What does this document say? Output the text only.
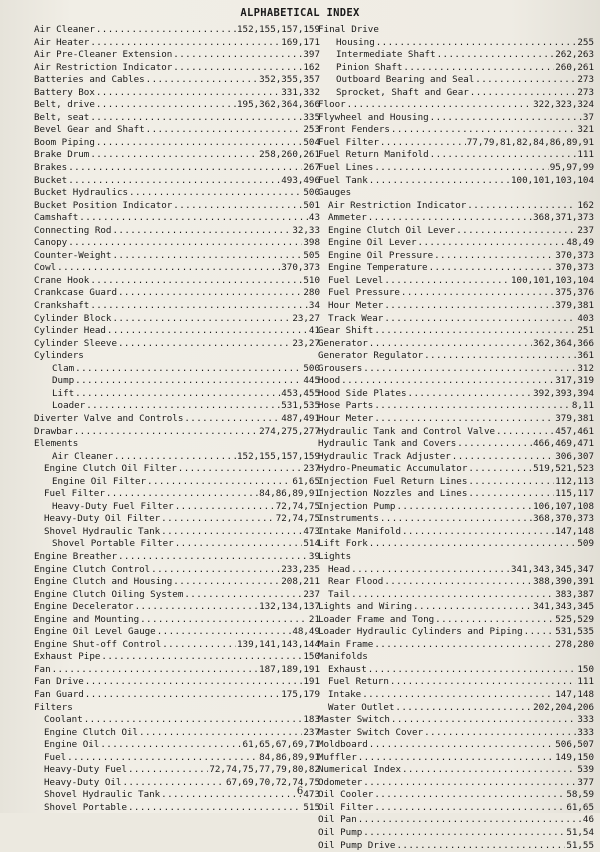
ALPHABETICAL INDEX
Air Cleaner .....	152,155,157,159
Air Heater .....	169,171
Air Pre-Cleaner Extension .....	397
Air Restriction Indicator .....	162
Batteries and Cables .....	352,355,357
Battery Box .....	331,332
Belt, drive .....	195,362,364,366
Belt, seat .....	335
Bevel Gear and Shaft .....	253
Boom Piping .....	504
Brake Drum .....	258,260,261
Brakes .....	267
Bucket .....	493,496
Bucket Hydraulics .....	500
Bucket Position Indicator .....	501
Camshaft .....	43
Connecting Rod .....	32,33
Canopy .....	398
Counter-Weight .....	505
Cowl .....	370,373
Crane Hook .....	510
Crankcase Guard .....	280
Crankshaft .....	34
Cylinder Block .....	23,27
Cylinder Head .....	41
Cylinder Sleeve .....	23,27
Cylinders
Clam .....	500
Dump .....	445
Lift .....	453,455
Loader .....	531,535
Diverter Valve and Controls .....	487,491
Drawbar .....	274,275,277
Elements
Air Cleaner .....	152,155,157,159
Engine Clutch Oil Filter .....	237
Engine Oil Filter .....	61,65
Fuel Filter .....	84,86,89,91
Heavy-Duty Fuel Filter .....	72,74,75
Heavy-Duty Oil Filter .....	72,74,75
Shovel Hydraulic Tank .....	473
Shovel Portable Filter .....	514
Engine Breather .....	39
Engine Clutch Control .....	233,235
Engine Clutch and Housing .....	208,211
Engine Clutch Oiling System .....	237
Engine Decelerator .....	132,134,137
Engine and Mounting .....	21
Engine Oil Level Gauge .....	48,49
Engine Shut-off Control .....	139,141,143,144
Exhaust Pipe .....	150
Fan .....	187,189,191
Fan Drive .....	191
Fan Guard .....	175,179
Filters
Coolant .....	183
Engine Clutch Oil .....	237
Engine Oil .....	61,65,67,69,71
Fuel .....	84,86,89,91
Heavy-Duty Fuel .....	72,74,75,77,79,80,82
Heavy-Duty Oil .....	67,69,70,72,74,75
Shovel Hydraulic Tank .....	473
Shovel Portable .....	515
Final Drive
Housing .....	255
Intermediate Shaft .....	262,263
Pinion Shaft .....	260,261
Outboard Bearing and Seal .....	273
Sprocket, Shaft and Gear .....	273
Floor .....	322,323,324
Flywheel and Housing .....	37
Front Fenders .....	321
Fuel Filter .....	77,79,81,82,84,86,89,91
Fuel Return Manifold .....	111
Fuel Lines .....	95,97,99
Fuel Tank .....	100,101,103,104
Gauges
Air Restriction Indicator .....	162
Ammeter .....	368,371,373
Engine Clutch Oil Lever .....	237
Engine Oil Lever .....	48,49
Engine Oil Pressure .....	370,373
Engine Temperature .....	370,373
Fuel Level .....	100,101,103,104
Fuel Pressure .....	375,376
Hour Meter .....	379,381
Track Wear .....	403
Gear Shift .....	251
Generator .....	362,364,366
Generator Regulator .....	361
Grousers .....	312
Hood .....	317,319
Hood Side Plates .....	392,393,394
Hose Parts .....	8,11
Hour Meter .....	379,381
Hydraulic Tank and Control Valve .....	457,461
Hydraulic Tank and Covers .....	466,469,471
Hydraulic Track Adjuster .....	306,307
Hydro-Pneumatic Accumulator .....	519,521,523
Injection Fuel Return Lines .....	112,113
Injection Nozzles and Lines .....	115,117
Injection Pump .....	106,107,108
Instruments .....	368,370,373
Intake Manifold .....	147,148
Lift Fork .....	509
Lights
Head .....	341,343,345,347
Rear Flood .....	388,390,391
Tail .....	383,387
Lights and Wiring .....	341,343,345
Loader Frame and Tong .....	525,529
Loader Hydraulic Cylinders and Piping .....	531,535
Main Frame .....	278,280
Manifolds
Exhaust .....	150
Fuel Return .....	111
Intake .....	147,148
Water Outlet .....	202,204,206
Master Switch .....	333
Master Switch Cover .....	333
Moldboard .....	506,507
Muffler .....	149,150
Numerical Index .....	539
Odometer .....	377
Oil Cooler .....	58,59
Oil Filter .....	61,65
Oil Pan .....	46
Oil Pump .....	51,54
Oil Pump Drive .....	51,55
6
